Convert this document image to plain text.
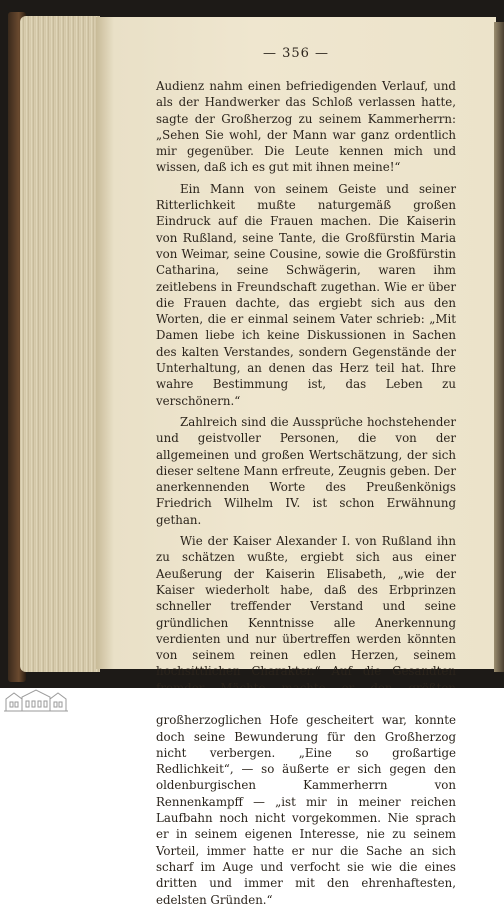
— 356 —

Audienz nahm einen befriedigenden Verlauf, und als der Handwerker das Schloß verlassen hatte, sagte der Großherzog zu seinem Kammerherrn: „Sehen Sie wohl, der Mann war ganz ordentlich mir gegenüber. Die Leute kennen mich und wissen, daß ich es gut mit ihnen meine!“

Ein Mann von seinem Geiste und seiner Ritterlichkeit mußte naturgemäß großen Eindruck auf die Frauen machen. Die Kaiserin von Rußland, seine Tante, die Großfürstin Maria von Weimar, seine Cousine, sowie die Großfürstin Catharina, seine Schwägerin, waren ihm zeitlebens in Freundschaft zugethan. Wie er über die Frauen dachte, das ergiebt sich aus den Worten, die er einmal seinem Vater schrieb: „Mit Damen liebe ich keine Diskussionen in Sachen des kalten Verstandes, sondern Gegenstände der Unterhaltung, an denen das Herz teil hat. Ihre wahre Bestimmung ist, das Leben zu verschönern.“

Zahlreich sind die Aussprüche hochstehender und geistvoller Personen, die von der allgemeinen und großen Wertschätzung, der sich dieser seltene Mann erfreute, Zeugnis geben. Der anerkennenden Worte des Preußenkönigs Friedrich Wilhelm IV. ist schon Erwähnung gethan.

Wie der Kaiser Alexander I. von Rußland ihn zu schätzen wußte, ergiebt sich aus einer Aeußerung der Kaiserin Elisabeth, „wie der Kaiser wiederholt habe, daß des Erbprinzen schneller treffender Verstand und seine gründlichen Kenntnisse alle Anerkennung verdienten und nur übertreffen werden könnten von seinem reinen edlen Herzen, seinem hochsittlichen Charakter.“ Auf die Gesandten großherzoglichen Hofe gescheitert war, konnte doch seine Bewunderung für den Großherzog nicht verbergen. „Eine so großartige Redlichkeit“, — so äußerte er sich gegen den oldenburgischen Kammerherrn von Rennenkampff — „ist mir in meiner reichen Laufbahn noch nicht vorgekommen. Nie sprach er in seinem eigenen Interesse, nie zu seinem Vorteil, immer hatte er nur die Sache an sich scharf im Auge und verfocht sie wie die eines dritten und immer mit den ehrenhaftesten, edelsten Gründen.“
